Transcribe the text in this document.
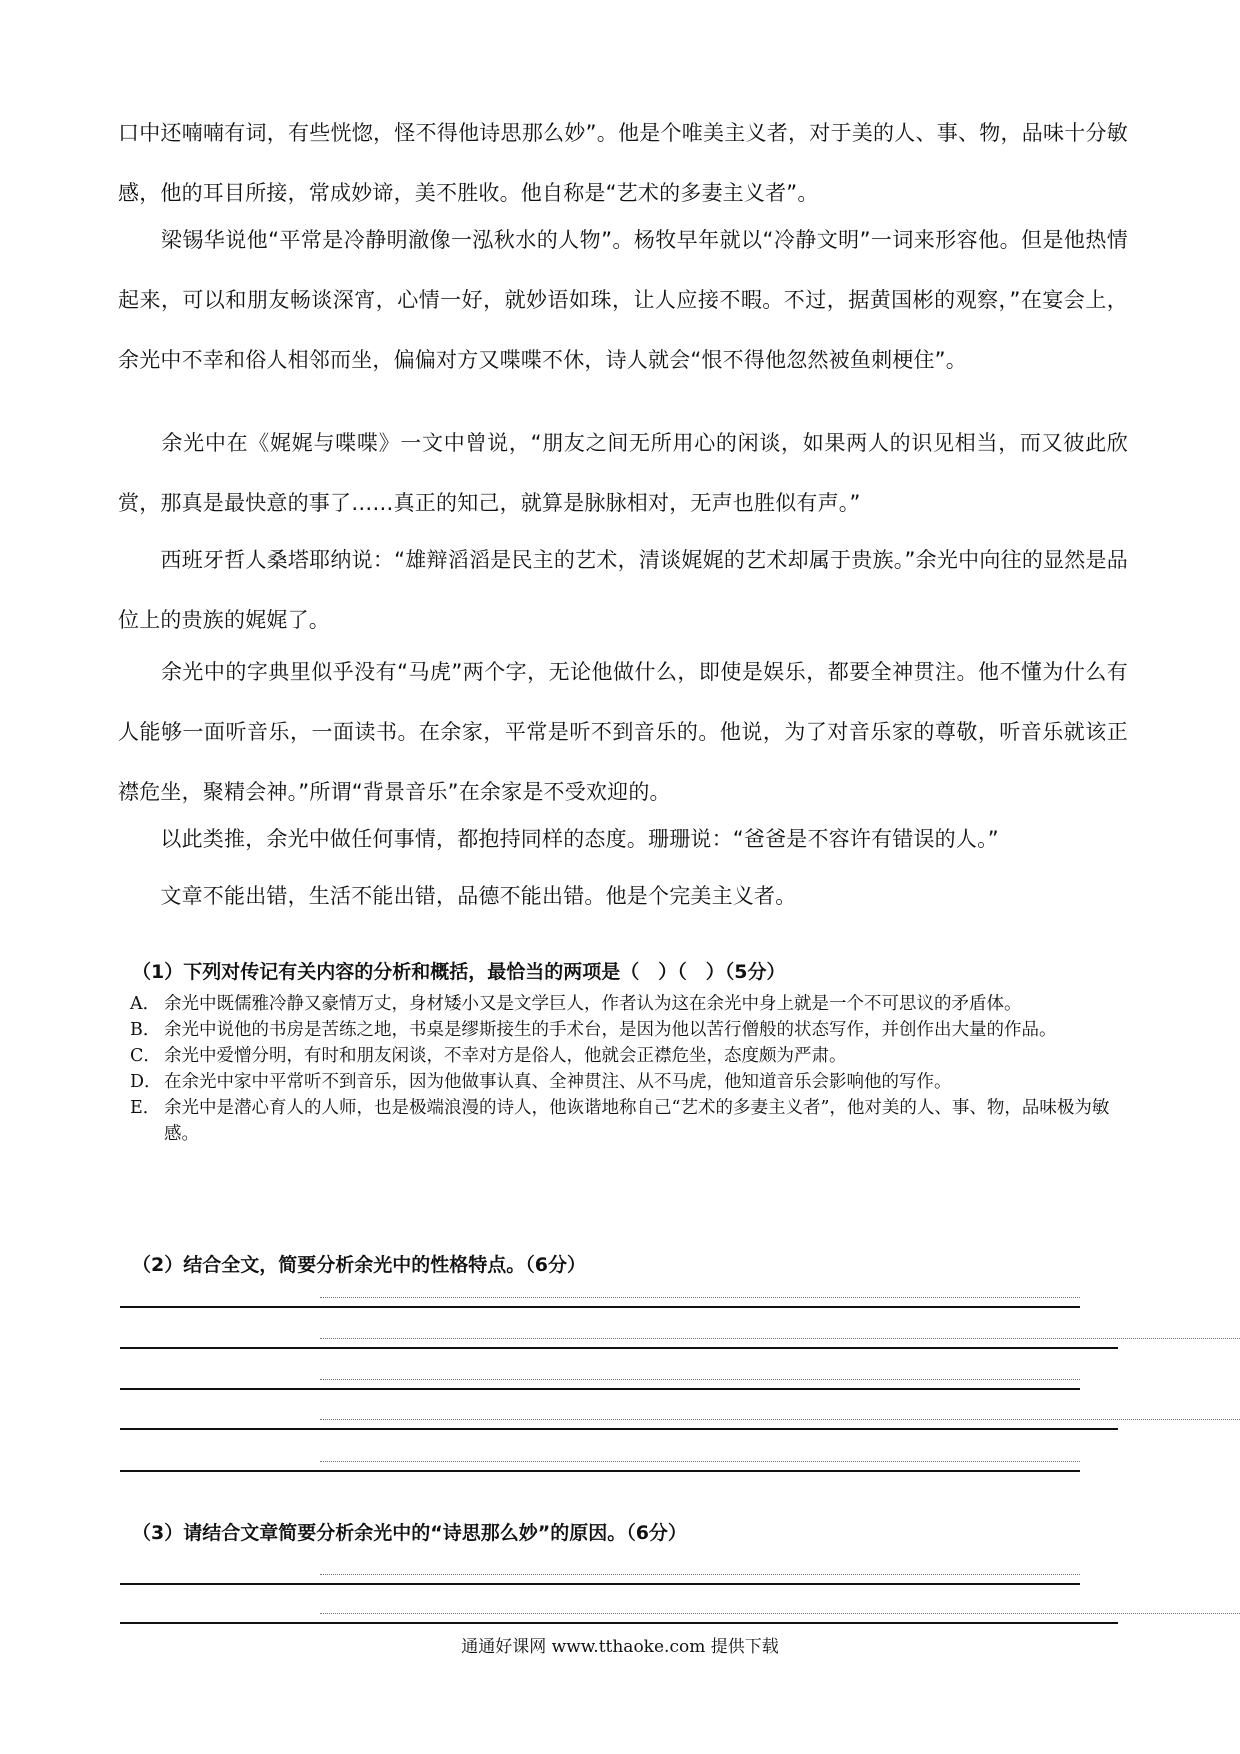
口中还喃喃有词，有些恍惚，怪不得他诗思那么妙”。他是个唯美主义者，对于美的人、事、物，品味十分敏感，他的耳目所接，常成妙谛，美不胜收。他自称是“艺术的多妻主义者”。

　　梁锡华说他“平常是冷静明澈像一泓秋水的人物”。杨牧早年就以“冷静文明”一词来形容他。但是他热情起来，可以和朋友畅谈深宵，心情一好，就妙语如珠，让人应接不暇。不过，据黄国彬的观察，”在宴会上，余光中不幸和俗人相邻而坐，偏偏对方又喋喋不休，诗人就会“恨不得他忽然被鱼刺梗住”。

　　余光中在《娓娓与喋喋》一文中曾说，“朋友之间无所用心的闲谈，如果两人的识见相当，而又彼此欣赏，那真是最快意的事了……真正的知己，就算是脉脉相对，无声也胜似有声。”

　　西班牙哲人桑塔耶纳说：“雄辩滔滔是民主的艺术，清谈娓娓的艺术却属于贵族。”余光中向往的显然是品位上的贵族的娓娓了。

　　余光中的字典里似乎没有“马虎”两个字，无论他做什么，即使是娱乐，都要全神贯注。他不懂为什么有人能够一面听音乐，一面读书。在余家，平常是听不到音乐的。他说，为了对音乐家的尊敬，听音乐就该正襟危坐，聚精会神。”所谓“背景音乐”在余家是不受欢迎的。

　　以此类推，余光中做任何事情，都抱持同样的态度。珊珊说：“爸爸是不容许有错误的人。”

　　文章不能出错，生活不能出错，品德不能出错。他是个完美主义者。

（1）下列对传记有关内容的分析和概括，最恰当的两项是（　）（　）（5分）

A． 余光中既儒雅冷静又豪情万丈，身材矮小又是文学巨人，作者认为这在余光中身上就是一个不可思议的矛盾体。
B． 余光中说他的书房是苦练之地，书桌是缪斯接生的手术台，是因为他以苦行僧般的状态写作，并创作出大量的作品。
C． 余光中爱憎分明，有时和朋友闲谈，不幸对方是俗人，他就会正襟危坐，态度颇为严肃。
D． 在余光中家中平常听不到音乐，因为他做事认真、全神贯注、从不马虎，他知道音乐会影响他的写作。
E． 余光中是潜心育人的人师，也是极端浪漫的诗人，他诙谐地称自己“艺术的多妻主义者”，他对美的人、事、物，品味极为敏感。

（2）结合全文，简要分析余光中的性格特点。（6分）

（3）请结合文章简要分析余光中的“诗思那么妙”的原因。（6分）

通通好课网 www.tthaoke.com 提供下载
